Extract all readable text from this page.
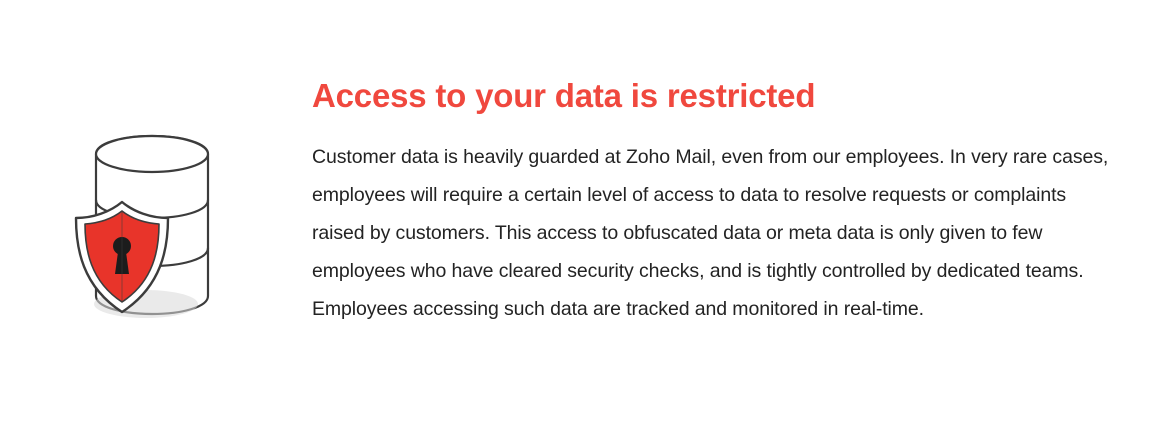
Access to your data is restricted

Customer data is heavily guarded at Zoho Mail, even from our employees. In very rare cases, employees will require a certain level of access to data to resolve requests or complaints raised by customers. This access to obfuscated data or meta data is only given to few employees who have cleared security checks, and is tightly controlled by dedicated teams. Employees accessing such data are tracked and monitored in real-time.
